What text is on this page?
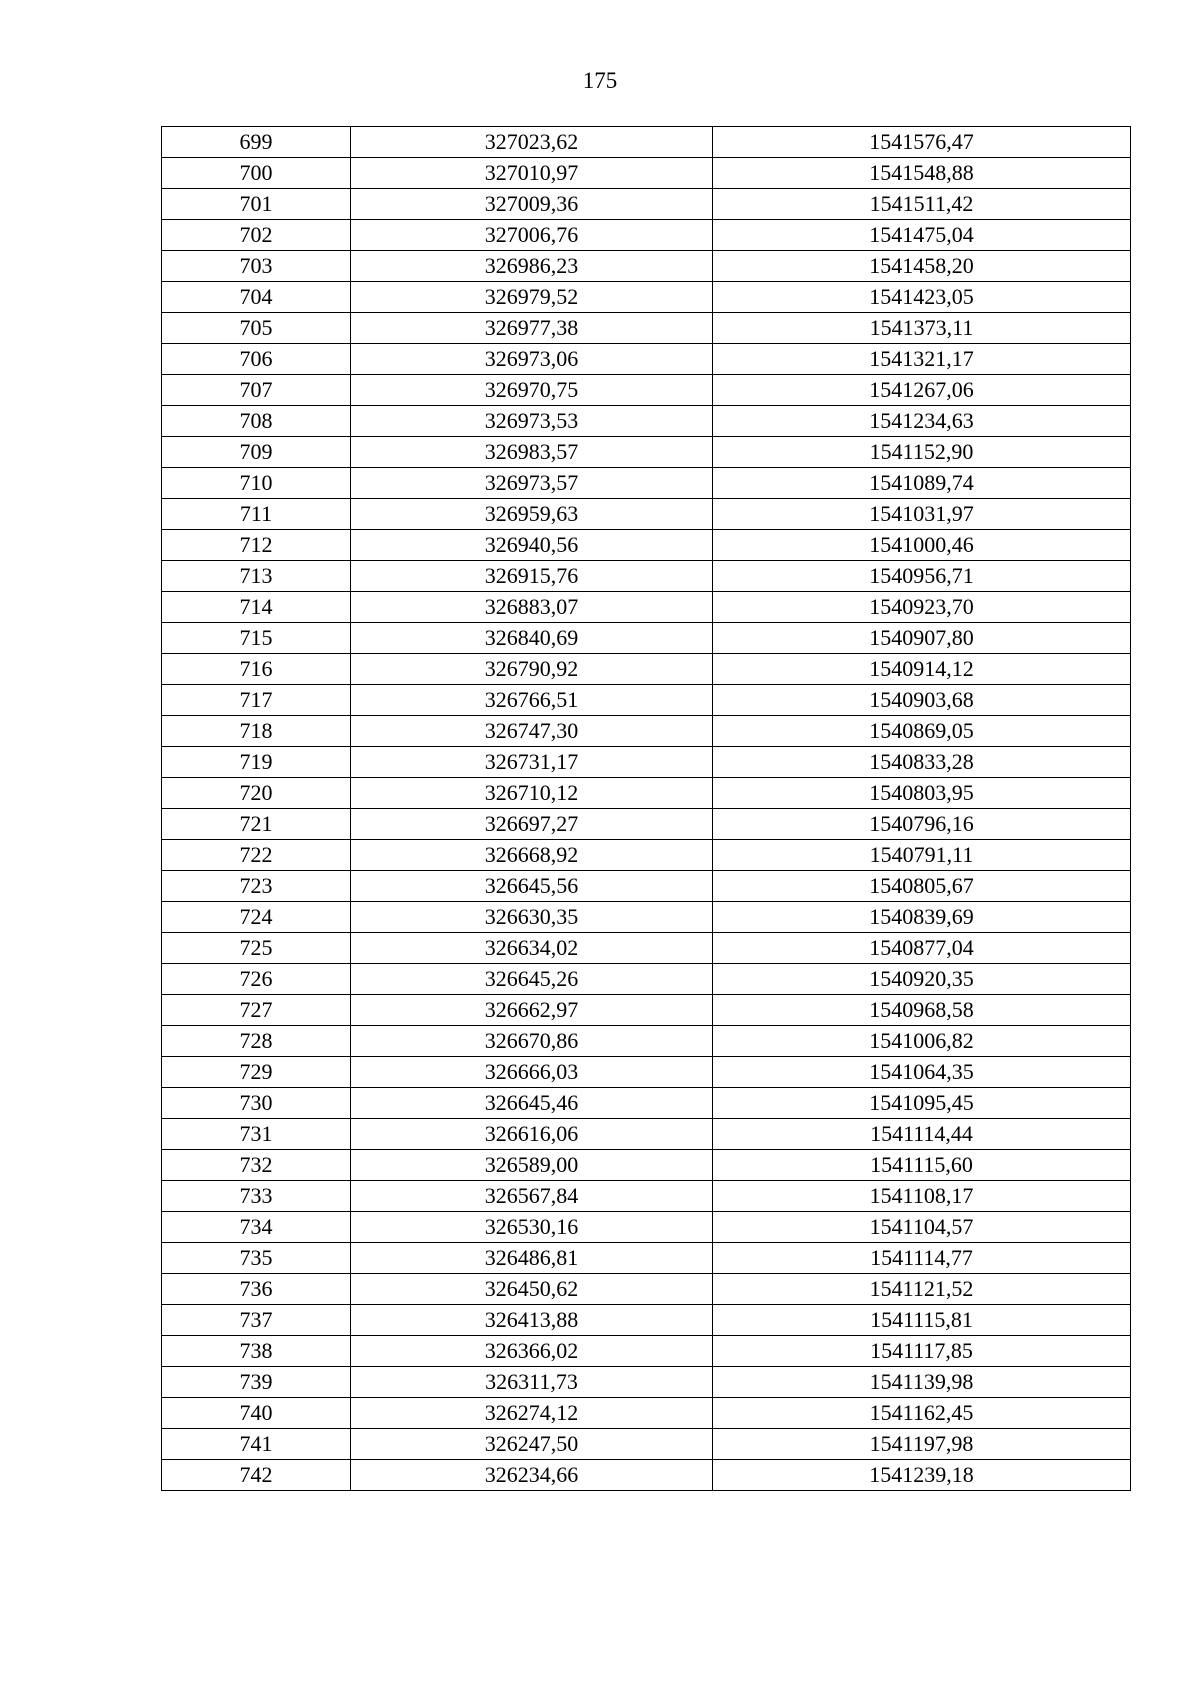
175
699	327023,62	1541576,47
700	327010,97	1541548,88
701	327009,36	1541511,42
702	327006,76	1541475,04
703	326986,23	1541458,20
704	326979,52	1541423,05
705	326977,38	1541373,11
706	326973,06	1541321,17
707	326970,75	1541267,06
708	326973,53	1541234,63
709	326983,57	1541152,90
710	326973,57	1541089,74
711	326959,63	1541031,97
712	326940,56	1541000,46
713	326915,76	1540956,71
714	326883,07	1540923,70
715	326840,69	1540907,80
716	326790,92	1540914,12
717	326766,51	1540903,68
718	326747,30	1540869,05
719	326731,17	1540833,28
720	326710,12	1540803,95
721	326697,27	1540796,16
722	326668,92	1540791,11
723	326645,56	1540805,67
724	326630,35	1540839,69
725	326634,02	1540877,04
726	326645,26	1540920,35
727	326662,97	1540968,58
728	326670,86	1541006,82
729	326666,03	1541064,35
730	326645,46	1541095,45
731	326616,06	1541114,44
732	326589,00	1541115,60
733	326567,84	1541108,17
734	326530,16	1541104,57
735	326486,81	1541114,77
736	326450,62	1541121,52
737	326413,88	1541115,81
738	326366,02	1541117,85
739	326311,73	1541139,98
740	326274,12	1541162,45
741	326247,50	1541197,98
742	326234,66	1541239,18
